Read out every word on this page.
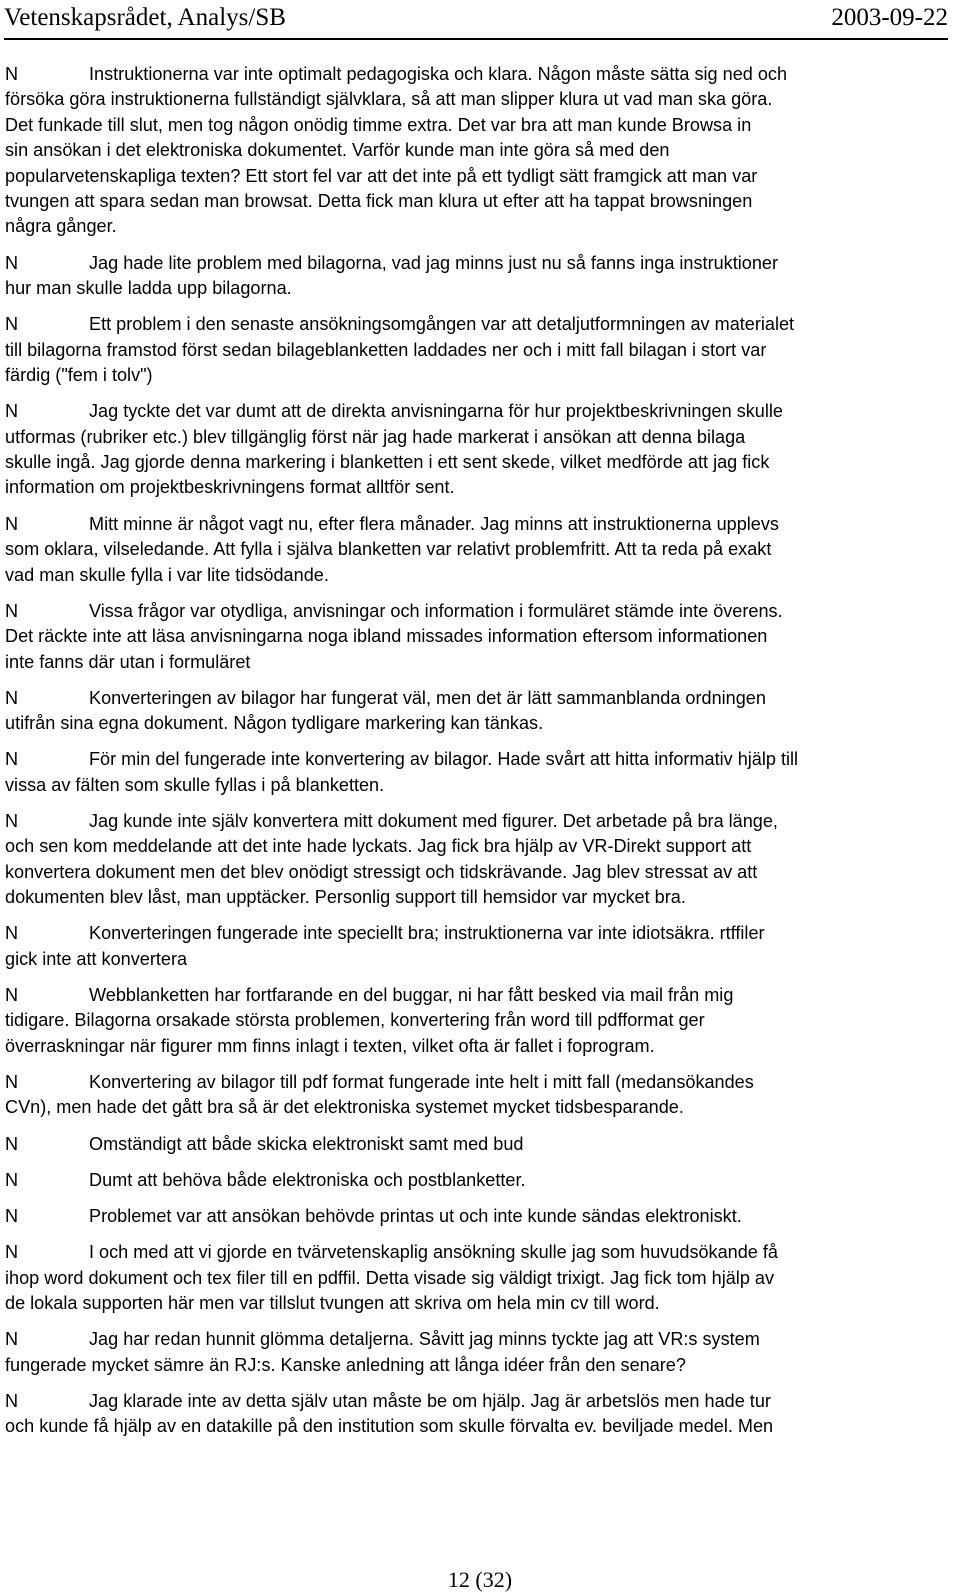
Vetenskapsrådet, Analys/SB	2003-09-22
N	Instruktionerna var inte optimalt pedagogiska och klara. Någon måste sätta sig ned och
försöka göra instruktionerna fullständigt självklara, så att man slipper klura ut vad man ska göra.
Det funkade till slut, men tog någon onödig timme extra. Det var bra att man kunde Browsa in
sin ansökan i det elektroniska dokumentet. Varför kunde man inte göra så med den
popularvetenskapliga texten? Ett stort fel var att det inte på ett tydligt sätt framgick att man var
tvungen att spara sedan man browsat. Detta fick man klura ut efter att ha tappat browsningen
några gånger.
N	Jag hade lite problem med bilagorna, vad jag minns just nu så fanns inga instruktioner
hur man skulle ladda upp bilagorna.
N	Ett problem i den senaste ansökningsomgången var att detaljutformningen av materialet
till bilagorna framstod först sedan bilageblanketten laddades ner och i mitt fall bilagan i stort var
färdig ("fem i tolv")
N	Jag tyckte det var dumt att de direkta anvisningarna för hur projektbeskrivningen skulle
utformas (rubriker etc.) blev tillgänglig först när jag hade markerat i ansökan att denna bilaga
skulle ingå. Jag gjorde denna markering i blanketten i ett sent skede, vilket medförde att jag fick
information om projektbeskrivningens format alltför sent.
N	Mitt minne är något vagt nu, efter flera månader. Jag minns att instruktionerna upplevs
som oklara, vilseledande. Att fylla i själva blanketten var relativt problemfritt. Att ta reda på exakt
vad man skulle fylla i var lite tidsödande.
N	Vissa frågor var otydliga, anvisningar och information i formuläret stämde inte överens.
Det räckte inte att läsa anvisningarna noga ibland missades information eftersom informationen
inte fanns där utan i formuläret
N	Konverteringen av bilagor har fungerat väl, men det är lätt sammanblanda ordningen
utifrån sina egna dokument. Någon tydligare markering kan tänkas.
N	För min del fungerade inte konvertering av bilagor. Hade svårt att hitta informativ hjälp till
vissa av fälten som skulle fyllas i på blanketten.
N	Jag kunde inte själv konvertera mitt dokument med figurer. Det arbetade på bra länge,
och sen kom meddelande att det inte hade lyckats. Jag fick bra hjälp av VR-Direkt support att
konvertera dokument men det blev onödigt stressigt och tidskrävande. Jag blev stressat av att
dokumenten blev låst, man upptäcker. Personlig support till hemsidor var mycket bra.
N	Konverteringen fungerade inte speciellt bra; instruktionerna var inte idiotsäkra. rtffiler
gick inte att konvertera
N	Webblanketten har fortfarande en del buggar, ni har fått besked via mail från mig
tidigare. Bilagorna orsakade största problemen, konvertering från word till pdfformat ger
överraskningar när figurer mm finns inlagt i texten, vilket ofta är fallet i foprogram.
N	Konvertering av bilagor till pdf format fungerade inte helt i mitt fall (medansökandes
CVn), men hade det gått bra så är det elektroniska systemet mycket tidsbesparande.
N	Omständigt att både skicka elektroniskt samt med bud
N	Dumt att behöva både elektroniska och postblanketter.
N	Problemet var att ansökan behövde printas ut och inte kunde sändas elektroniskt.
N	I och med att vi gjorde en tvärvetenskaplig ansökning skulle jag som huvudsökande få
ihop word dokument och tex filer till en pdffil. Detta visade sig väldigt trixigt. Jag fick tom hjälp av
de lokala supporten här men var tillslut tvungen att skriva om hela min cv till word.
N	Jag har redan hunnit glömma detaljerna. Såvitt jag minns tyckte jag att VR:s system
fungerade mycket sämre än RJ:s. Kanske anledning att långa idéer från den senare?
N	Jag klarade inte av detta själv utan måste be om hjälp. Jag är arbetslös men hade tur
och kunde få hjälp av en datakille på den institution som skulle förvalta ev. beviljade medel. Men
12 (32)
